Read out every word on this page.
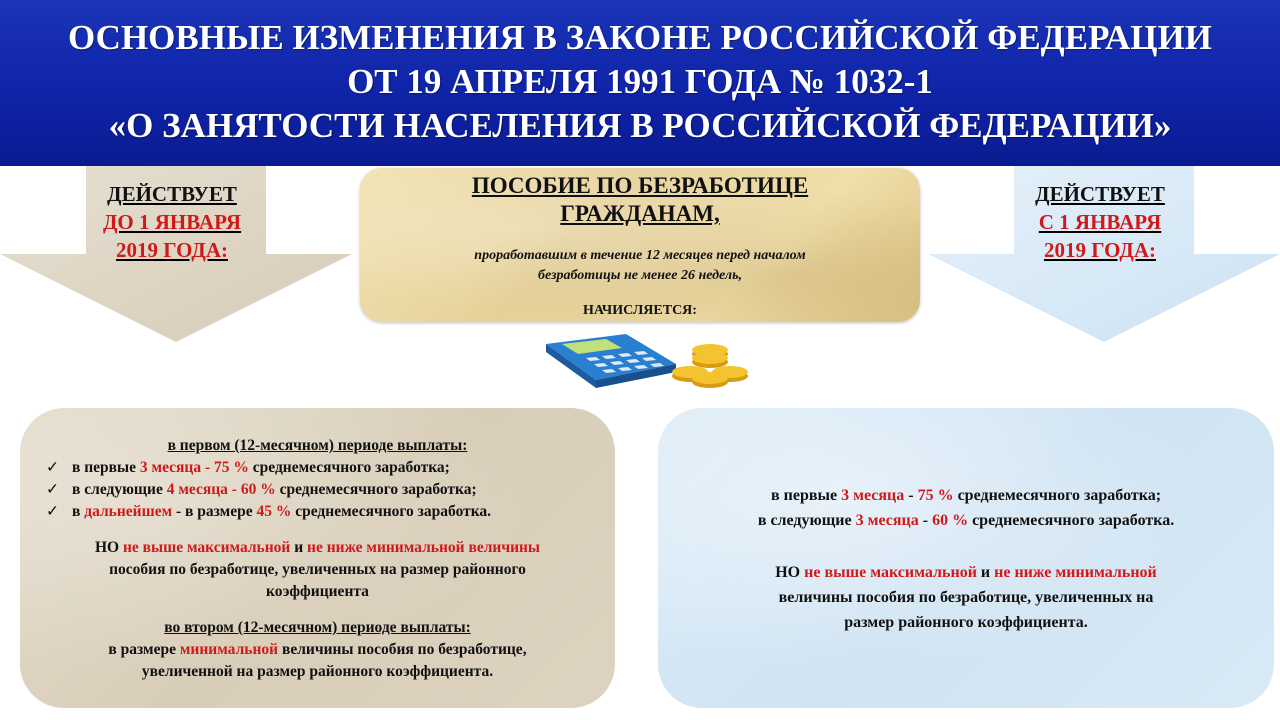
ОСНОВНЫЕ ИЗМЕНЕНИЯ В ЗАКОНЕ РОССИЙСКОЙ ФЕДЕРАЦИИ
ОТ 19 АПРЕЛЯ 1991 ГОДА № 1032-1
«О ЗАНЯТОСТИ НАСЕЛЕНИЯ В РОССИЙСКОЙ ФЕДЕРАЦИИ»
ДЕЙСТВУЕТ
ДО 1 ЯНВАРЯ
2019 ГОДА:
ДЕЙСТВУЕТ
С 1 ЯНВАРЯ
2019 ГОДА:
ПОСОБИЕ ПО БЕЗРАБОТИЦЕ
ГРАЖДАНАМ,
проработавшим в течение 12 месяцев перед началом
безработицы не менее 26 недель,
НАЧИСЛЯЕТСЯ:
в первом (12-месячном) периоде выплаты:
✓ в первые 3 месяца - 75 % среднемесячного заработка;
✓ в следующие 4 месяца - 60 % среднемесячного заработка;
✓ в дальнейшем - в размере 45 % среднемесячного заработка.
НО не выше максимальной и не ниже минимальной величины
пособия по безработице, увеличенных на размер районного
коэффициента
во втором (12-месячном) периоде выплаты:
в размере минимальной величины пособия по безработице,
увеличенной на размер районного коэффициента.
в первые 3 месяца - 75 % среднемесячного заработка;
в следующие 3 месяца - 60 % среднемесячного заработка.
НО не выше максимальной и не ниже минимальной
величины пособия по безработице, увеличенных на
размер районного коэффициента.
